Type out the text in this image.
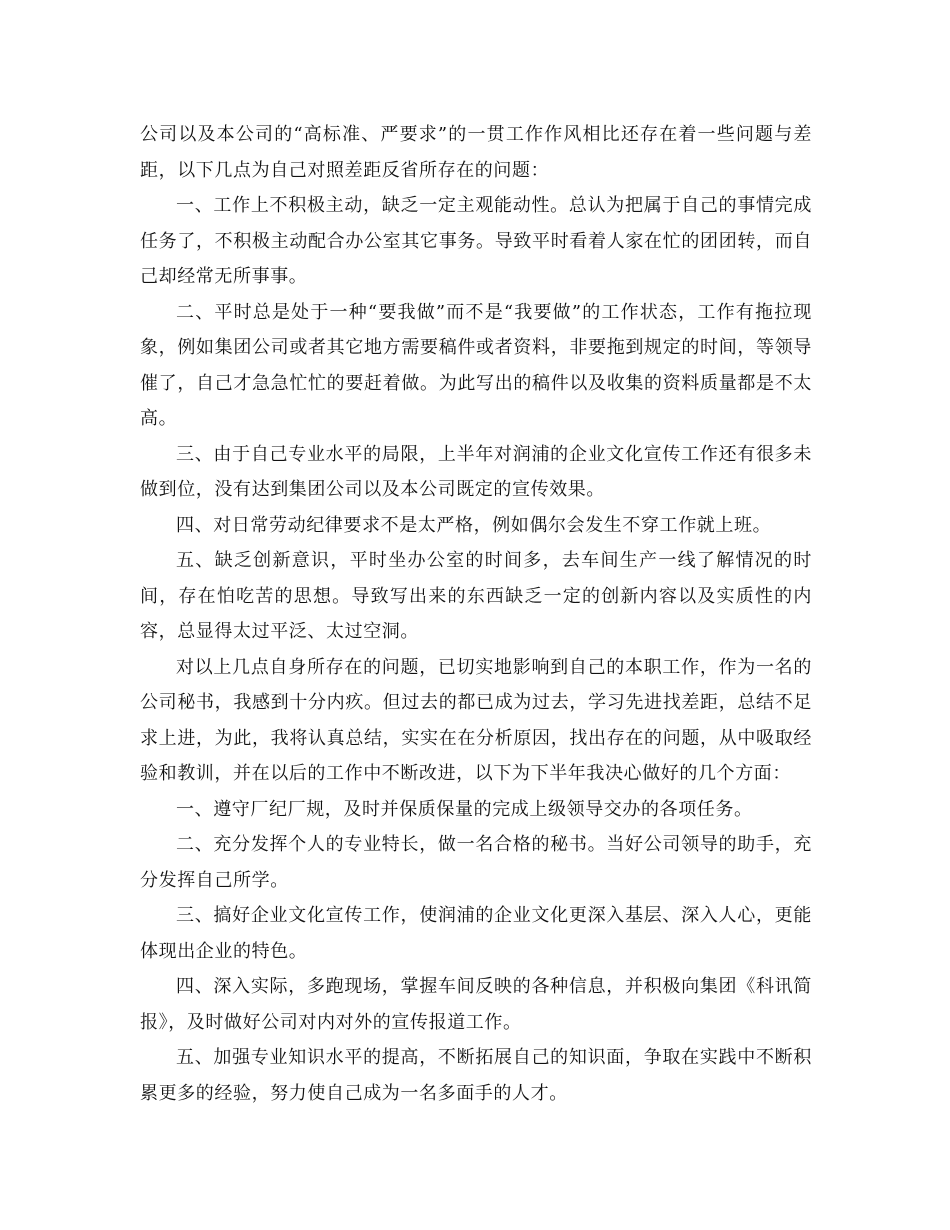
公司以及本公司的“高标准、严要求”的一贯工作作风相比还存在着一些问题与差距，以下几点为自己对照差距反省所存在的问题：

一、工作上不积极主动，缺乏一定主观能动性。总认为把属于自己的事情完成任务了，不积极主动配合办公室其它事务。导致平时看着人家在忙的团团转，而自己却经常无所事事。

二、平时总是处于一种“要我做”而不是“我要做”的工作状态，工作有拖拉现象，例如集团公司或者其它地方需要稿件或者资料，非要拖到规定的时间，等领导催了，自己才急急忙忙的要赶着做。为此写出的稿件以及收集的资料质量都是不太高。

三、由于自己专业水平的局限，上半年对润浦的企业文化宣传工作还有很多未做到位，没有达到集团公司以及本公司既定的宣传效果。

四、对日常劳动纪律要求不是太严格，例如偶尔会发生不穿工作就上班。

五、缺乏创新意识，平时坐办公室的时间多，去车间生产一线了解情况的时间，存在怕吃苦的思想。导致写出来的东西缺乏一定的创新内容以及实质性的内容，总显得太过平泛、太过空洞。

对以上几点自身所存在的问题，已切实地影响到自己的本职工作，作为一名的公司秘书，我感到十分内疚。但过去的都已成为过去，学习先进找差距，总结不足求上进，为此，我将认真总结，实实在在分析原因，找出存在的问题，从中吸取经验和教训，并在以后的工作中不断改进，以下为下半年我决心做好的几个方面：

一、遵守厂纪厂规，及时并保质保量的完成上级领导交办的各项任务。

二、充分发挥个人的专业特长，做一名合格的秘书。当好公司领导的助手，充分发挥自己所学。

三、搞好企业文化宣传工作，使润浦的企业文化更深入基层、深入人心，更能体现出企业的特色。

四、深入实际，多跑现场，掌握车间反映的各种信息，并积极向集团《科讯简报》，及时做好公司对内对外的宣传报道工作。

五、加强专业知识水平的提高，不断拓展自己的知识面，争取在实践中不断积累更多的经验，努力使自己成为一名多面手的人才。
